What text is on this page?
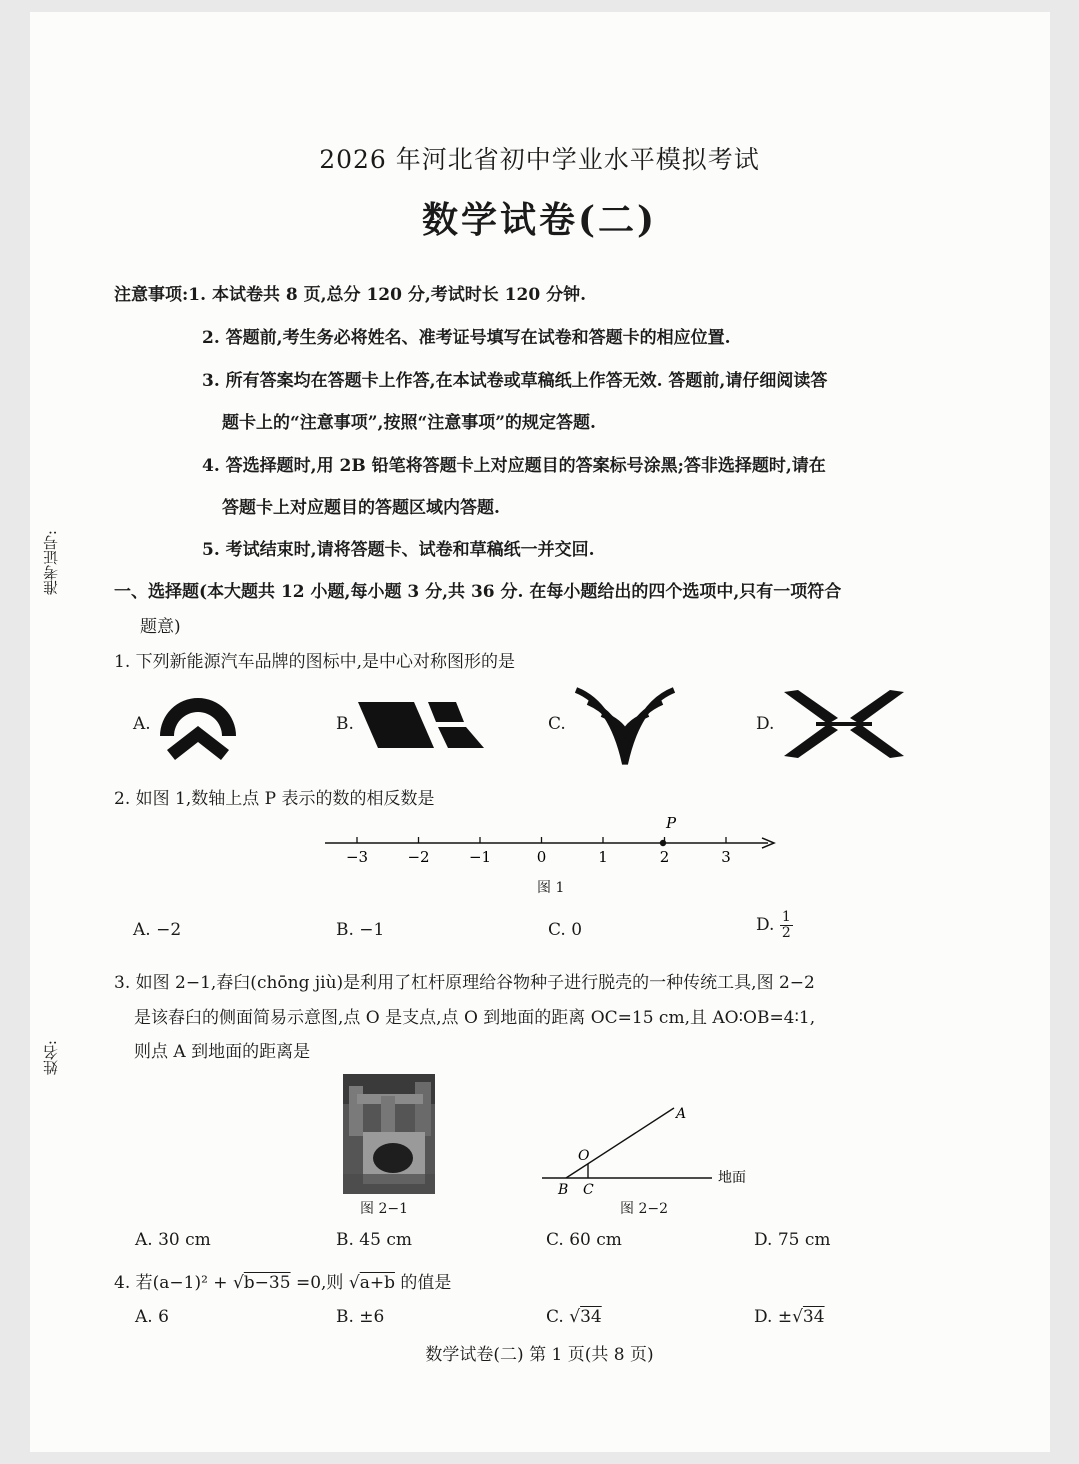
2026 年河北省初中学业水平模拟考试
数学试卷(二)
准考证号:
姓名:
注意事项:1. 本试卷共 8 页,总分 120 分,考试时长 120 分钟.
2. 答题前,考生务必将姓名、准考证号填写在试卷和答题卡的相应位置.
3. 所有答案均在答题卡上作答,在本试卷或草稿纸上作答无效. 答题前,请仔细阅读答
题卡上的“注意事项”,按照“注意事项”的规定答题.
4. 答选择题时,用 2B 铅笔将答题卡上对应题目的答案标号涂黑;答非选择题时,请在
答题卡上对应题目的答题区域内答题.
5. 考试结束时,请将答题卡、试卷和草稿纸一并交回.
一、选择题(本大题共 12 小题,每小题 3 分,共 36 分. 在每小题给出的四个选项中,只有一项符合
题意)
1. 下列新能源汽车品牌的图标中,是中心对称图形的是
A.	B.	C.	D.
2. 如图 1,数轴上点 P 表示的数的相反数是
−3	−2	−1	0	1	2	3
P
图 1
A. −2	B. −1	C. 0	D. $\frac{1}{2}$
3. 如图 2−1,舂臼(chōng jiù)是利用了杠杆原理给谷物种子进行脱壳的一种传统工具,图 2−2
是该舂臼的侧面简易示意图,点 O 是支点,点 O 到地面的距离 OC=15 cm,且 AO∶OB=4∶1,
则点 A 到地面的距离是
图 2−1
A
O
B C
地面
图 2−2
A. 30 cm	B. 45 cm	C. 60 cm	D. 75 cm
4. 若(a−1)² + √b−35 =0,则 √a+b 的值是
A. 6	B. ±6	C. √34	D. ±√34
数学试卷(二) 第 1 页(共 8 页)
